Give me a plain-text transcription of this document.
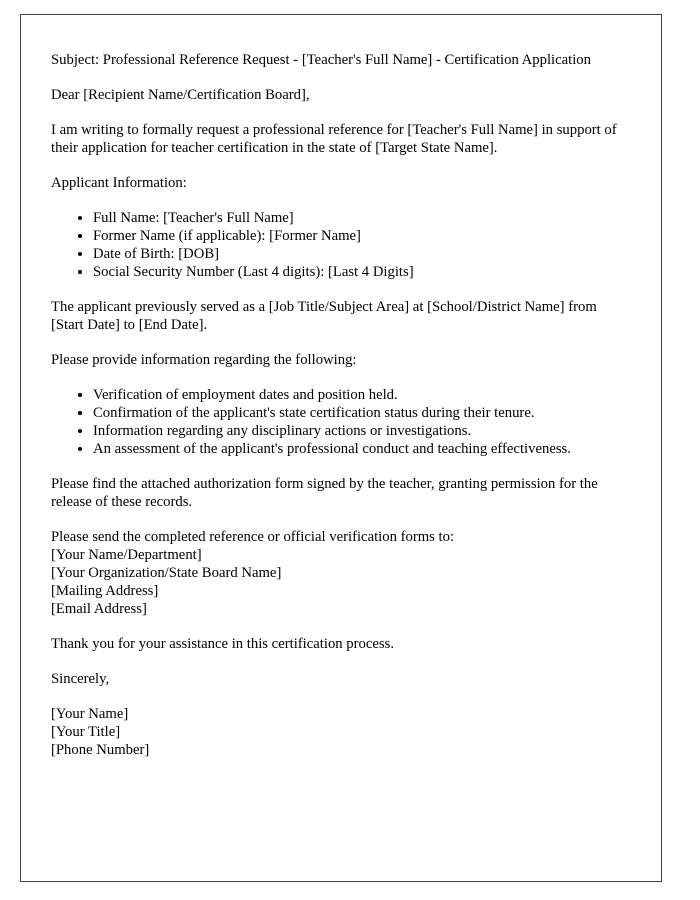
Subject: Professional Reference Request - [Teacher's Full Name] - Certification Application

Dear [Recipient Name/Certification Board],

I am writing to formally request a professional reference for [Teacher's Full Name] in support of their application for teacher certification in the state of [Target State Name].

Applicant Information:

• Full Name: [Teacher's Full Name]
• Former Name (if applicable): [Former Name]
• Date of Birth: [DOB]
• Social Security Number (Last 4 digits): [Last 4 Digits]

The applicant previously served as a [Job Title/Subject Area] at [School/District Name] from [Start Date] to [End Date].

Please provide information regarding the following:

• Verification of employment dates and position held.
• Confirmation of the applicant's state certification status during their tenure.
• Information regarding any disciplinary actions or investigations.
• An assessment of the applicant's professional conduct and teaching effectiveness.

Please find the attached authorization form signed by the teacher, granting permission for the release of these records.

Please send the completed reference or official verification forms to:

[Your Name/Department]

[Your Organization/State Board Name]

[Mailing Address]

[Email Address]

Thank you for your assistance in this certification process.

Sincerely,

[Your Name]

[Your Title]

[Phone Number]
